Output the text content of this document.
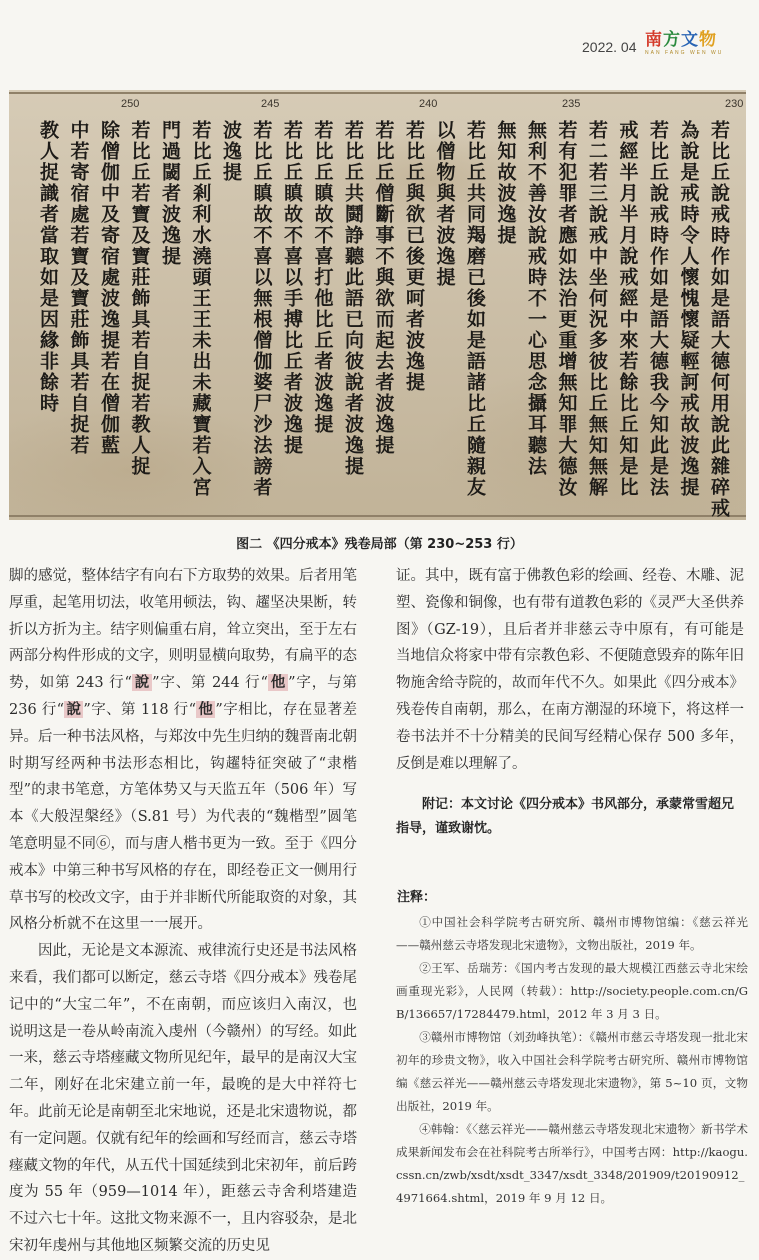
2022. 04 南方文物
NAN FANG WEN WU
250	245	240	235	230
若比丘說戒時作如是語大德何用說此雜碎戒
為說是戒時令人懷愧懷疑輕訶戒故波逸提
若比丘說戒時作如是語大德我今知此是法
戒經半月半月說戒經中來若餘比丘知是比
若二若三說戒中坐何況多彼比丘無知無解
若有犯罪者應如法治更重增無知罪大德汝
無利不善汝說戒時不一心思念攝耳聽法
無知故波逸提
若比丘共同羯磨已後如是語諸比丘隨親友
以僧物與者波逸提
若比丘與欲已後更呵者波逸提
若比丘僧斷事不與欲而起去者波逸提
若比丘共鬪諍聽此語已向彼說者波逸提
若比丘瞋故不喜打他比丘者波逸提
若比丘瞋故不喜以手搏比丘者波逸提
若比丘瞋故不喜以無根僧伽婆尸沙法謗者
波逸提
若比丘剎利水澆頭王王未出未藏寶若入宮
門過閾者波逸提
若比丘若寶及寶莊飾具若自捉若教人捉
除僧伽中及寄宿處波逸提若在僧伽藍
中若寄宿處若寶及寶莊飾具若自捉若
教人捉識者當取如是因緣非餘時
图二 《四分戒本》残卷局部（第 230~253 行）

脚的感觉，整体结字有向右下方取势的效果。后者用笔厚重，起笔用切法，收笔用顿法，钩、趯坚决果断，转折以方折为主。结字则偏重右肩，耸立突出，至于左右两部分构件形成的文字，则明显横向取势，有扁平的态势，如第 243 行“ 說 ”字、第 244 行“ 他 ”字，与第 236 行“ 說 ”字、第 118 行“ 他 ”字相比，存在显著差异。后一种书法风格，与郑汝中先生归纳的魏晋南北朝时期写经两种书法形态相比，钩趯特征突破了“隶楷型”的隶书笔意，方笔体势又与天监五年（506 年）写本《大般涅槃经》（S.81 号）为代表的“魏楷型”圆笔笔意明显不同⑥，而与唐人楷书更为一致。至于《四分戒本》中第三种书写风格的存在，即经卷正文一侧用行草书写的校改文字，由于并非断代所能取资的对象，其风格分析就不在这里一一展开。

因此，无论是文本源流、戒律流行史还是书法风格来看，我们都可以断定，慈云寺塔《四分戒本》残卷尾记中的“大宝二年”，不在南朝，而应该归入南汉，也说明这是一卷从岭南流入虔州（今赣州）的写经。如此一来，慈云寺塔瘗藏文物所见纪年，最早的是南汉大宝二年，刚好在北宋建立前一年，最晚的是大中祥符七年。此前无论是南朝至北宋地说，还是北宋遗物说，都有一定问题。仅就有纪年的绘画和写经而言，慈云寺塔瘗藏文物的年代，从五代十国延续到北宋初年，前后跨度为 55 年（959—1014 年），距慈云寺舍利塔建造不过六七十年。这批文物来源不一，且内容驳杂，是北宋初年虔州与其他地区频繁交流的历史见

证。其中，既有富于佛教色彩的绘画、经卷、木雕、泥塑、瓷像和铜像，也有带有道教色彩的《灵严大圣供养图》（GZ-19），且后者并非慈云寺中原有，有可能是当地信众将家中带有宗教色彩、不便随意毁弃的陈年旧物施舍给寺院的，故而年代不久。如果此《四分戒本》残卷传自南朝，那么，在南方潮湿的环境下，将这样一卷书法并不十分精美的民间写经精心保存 500 多年，反倒是难以理解了。

附记：本文讨论《四分戒本》书风部分，承蒙常雪超兄指导，谨致谢忱。
注释：

①中国社会科学院考古研究所、赣州市博物馆编：《慈云祥光——赣州慈云寺塔发现北宋遗物》，文物出版社，2019 年。

②王军、岳瑞芳：《国内考古发现的最大规模江西慈云寺北宋绘画重现光彩》，人民网（转载）：http://society.people.com.cn/GB/136657/17284479.html，2012 年 3 月 3 日。

③赣州市博物馆（刘劲峰执笔）：《赣州市慈云寺塔发现一批北宋初年的珍贵文物》，收入中国社会科学院考古研究所、赣州市博物馆编《慈云祥光——赣州慈云寺塔发现北宋遗物》，第 5~10 页，文物出版社，2019 年。

④韩翰：《〈慈云祥光——赣州慈云寺塔发现北宋遗物〉新书学术成果新闻发布会在社科院考古所举行》，中国考古网：http://kaogu.cssn.cn/zwb/xsdt/xsdt_3347/xsdt_3348/201909/t20190912_4971664.shtml，2019 年 9 月 12 日。
